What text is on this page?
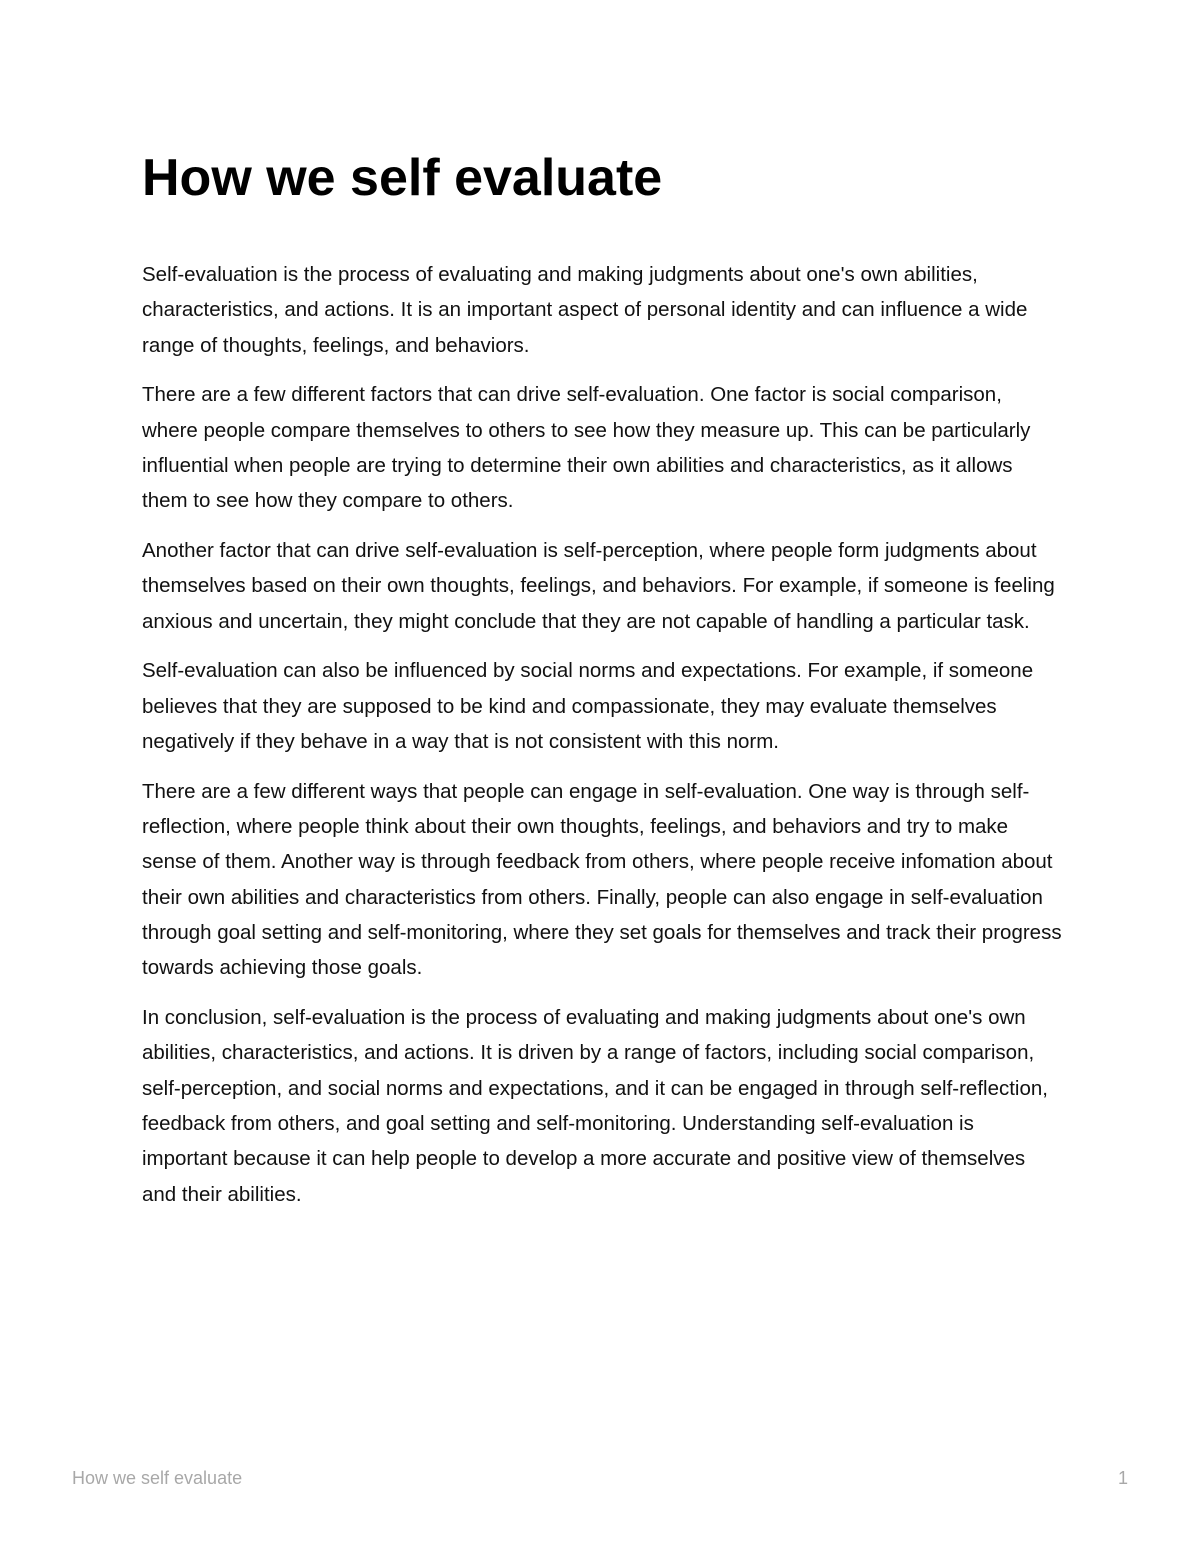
How we self evaluate

Self-evaluation is the process of evaluating and making judgments about one's own abilities, characteristics, and actions. It is an important aspect of personal identity and can influence a wide range of thoughts, feelings, and behaviors.

There are a few different factors that can drive self-evaluation. One factor is social comparison, where people compare themselves to others to see how they measure up. This can be particularly influential when people are trying to determine their own abilities and characteristics, as it allows them to see how they compare to others.

Another factor that can drive self-evaluation is self-perception, where people form judgments about themselves based on their own thoughts, feelings, and behaviors. For example, if someone is feeling anxious and uncertain, they might conclude that they are not capable of handling a particular task.

Self-evaluation can also be influenced by social norms and expectations. For example, if someone believes that they are supposed to be kind and compassionate, they may evaluate themselves negatively if they behave in a way that is not consistent with this norm.

There are a few different ways that people can engage in self-evaluation. One way is through self-reflection, where people think about their own thoughts, feelings, and behaviors and try to make sense of them. Another way is through feedback from others, where people receive infomation about their own abilities and characteristics from others. Finally, people can also engage in self-evaluation through goal setting and self-monitoring, where they set goals for themselves and track their progress towards achieving those goals.

In conclusion, self-evaluation is the process of evaluating and making judgments about one's own abilities, characteristics, and actions. It is driven by a range of factors, including social comparison, self-perception, and social norms and expectations, and it can be engaged in through self-reflection, feedback from others, and goal setting and self-monitoring. Understanding self-evaluation is important because it can help people to develop a more accurate and positive view of themselves and their abilities.

How we self evaluate	1
